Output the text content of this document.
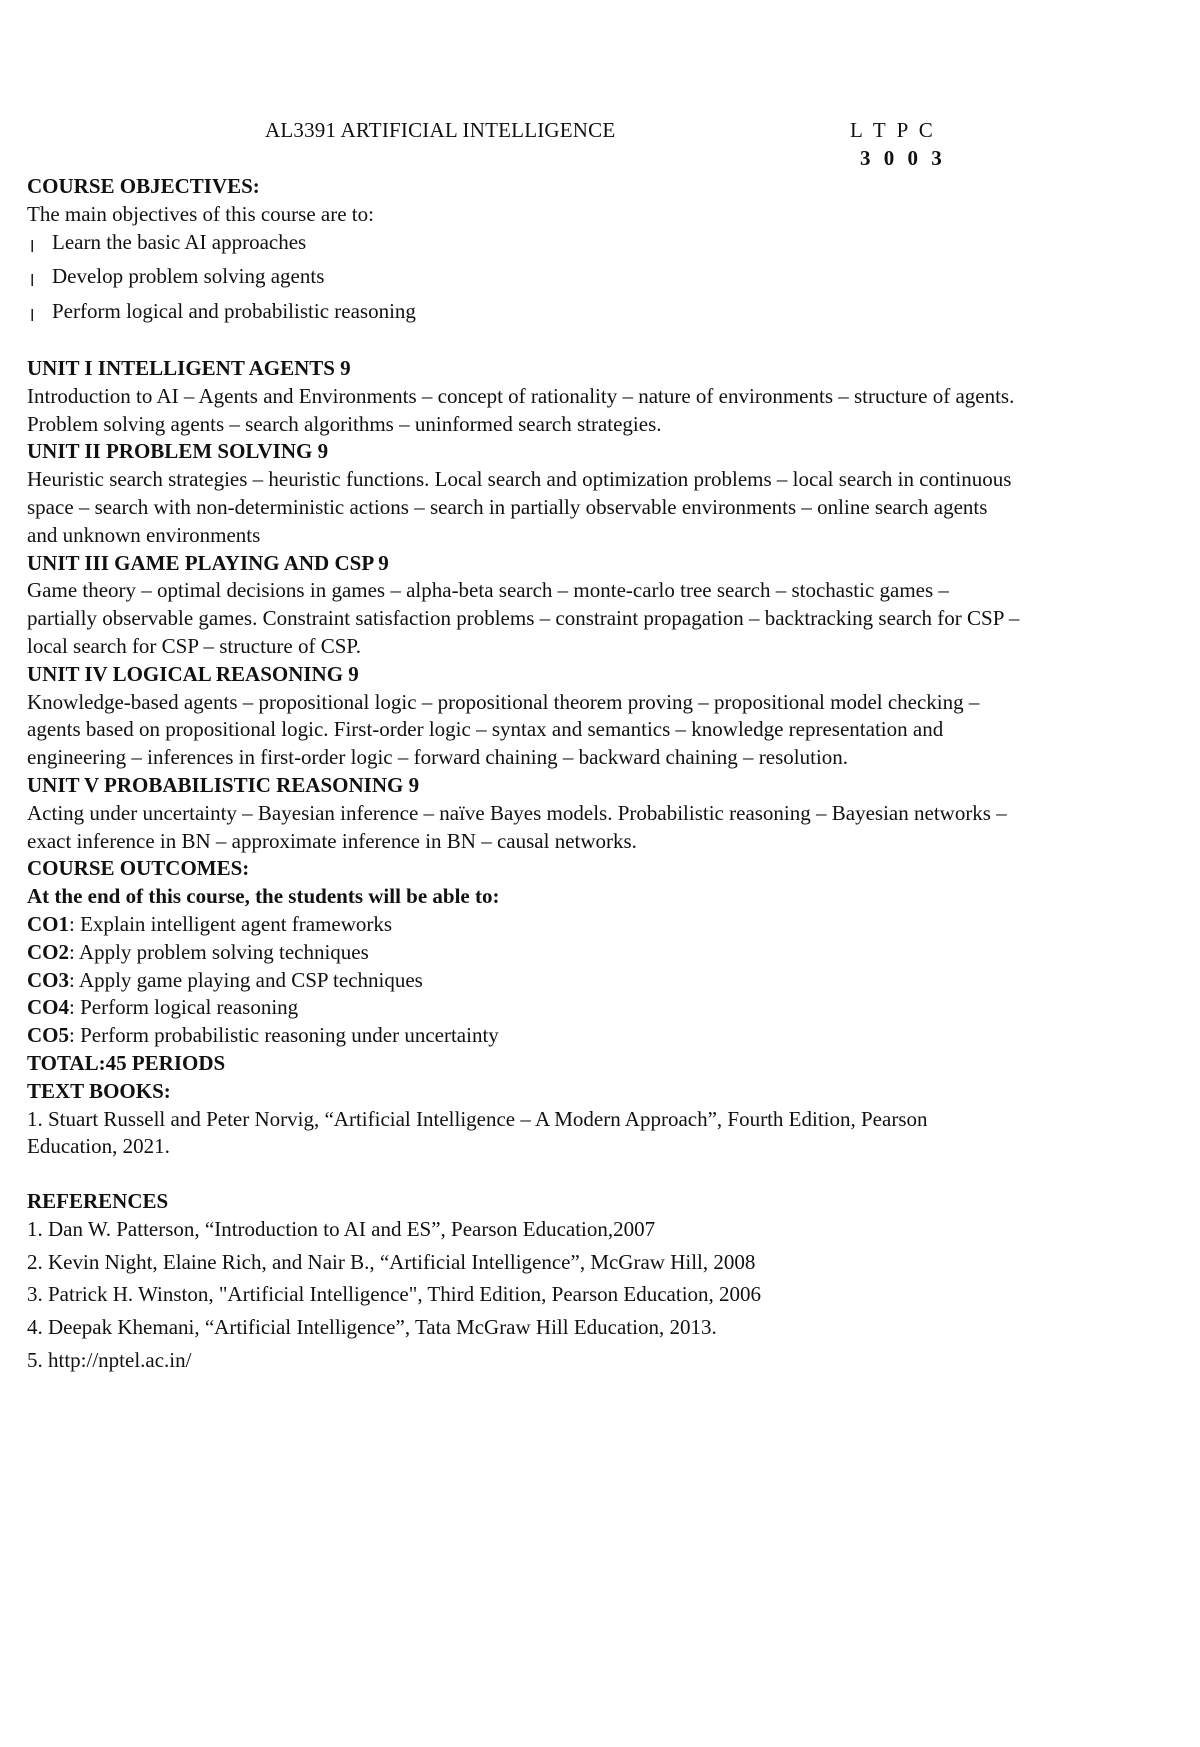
AL3391 ARTIFICIAL INTELLIGENCE	L T P C
3 0 0 3
COURSE OBJECTIVES:
The main objectives of this course are to:
l Learn the basic AI approaches
l Develop problem solving agents
l Perform logical and probabilistic reasoning
UNIT I INTELLIGENT AGENTS 9
Introduction to AI – Agents and Environments – concept of rationality – nature of environments – structure of agents.
Problem solving agents – search algorithms – uninformed search strategies.
UNIT II PROBLEM SOLVING 9
Heuristic search strategies – heuristic functions. Local search and optimization problems – local search in continuous
space – search with non-deterministic actions – search in partially observable environments – online search agents
and unknown environments
UNIT III GAME PLAYING AND CSP 9
Game theory – optimal decisions in games – alpha-beta search – monte-carlo tree search – stochastic games –
partially observable games. Constraint satisfaction problems – constraint propagation – backtracking search for CSP –
local search for CSP – structure of CSP.
UNIT IV LOGICAL REASONING 9
Knowledge-based agents – propositional logic – propositional theorem proving – propositional model checking –
agents based on propositional logic. First-order logic – syntax and semantics – knowledge representation and
engineering – inferences in first-order logic – forward chaining – backward chaining – resolution.
UNIT V PROBABILISTIC REASONING 9
Acting under uncertainty – Bayesian inference – naïve Bayes models. Probabilistic reasoning – Bayesian networks –
exact inference in BN – approximate inference in BN – causal networks.
COURSE OUTCOMES:
At the end of this course, the students will be able to:
CO1: Explain intelligent agent frameworks
CO2: Apply problem solving techniques
CO3: Apply game playing and CSP techniques
CO4: Perform logical reasoning
CO5: Perform probabilistic reasoning under uncertainty
TOTAL:45 PERIODS
TEXT BOOKS:
1. Stuart Russell and Peter Norvig, “Artificial Intelligence – A Modern Approach”, Fourth Edition, Pearson
Education, 2021.
REFERENCES
1. Dan W. Patterson, “Introduction to AI and ES”, Pearson Education,2007
2. Kevin Night, Elaine Rich, and Nair B., “Artificial Intelligence”, McGraw Hill, 2008
3. Patrick H. Winston, "Artificial Intelligence", Third Edition, Pearson Education, 2006
4. Deepak Khemani, “Artificial Intelligence”, Tata McGraw Hill Education, 2013.
5. http://nptel.ac.in/
